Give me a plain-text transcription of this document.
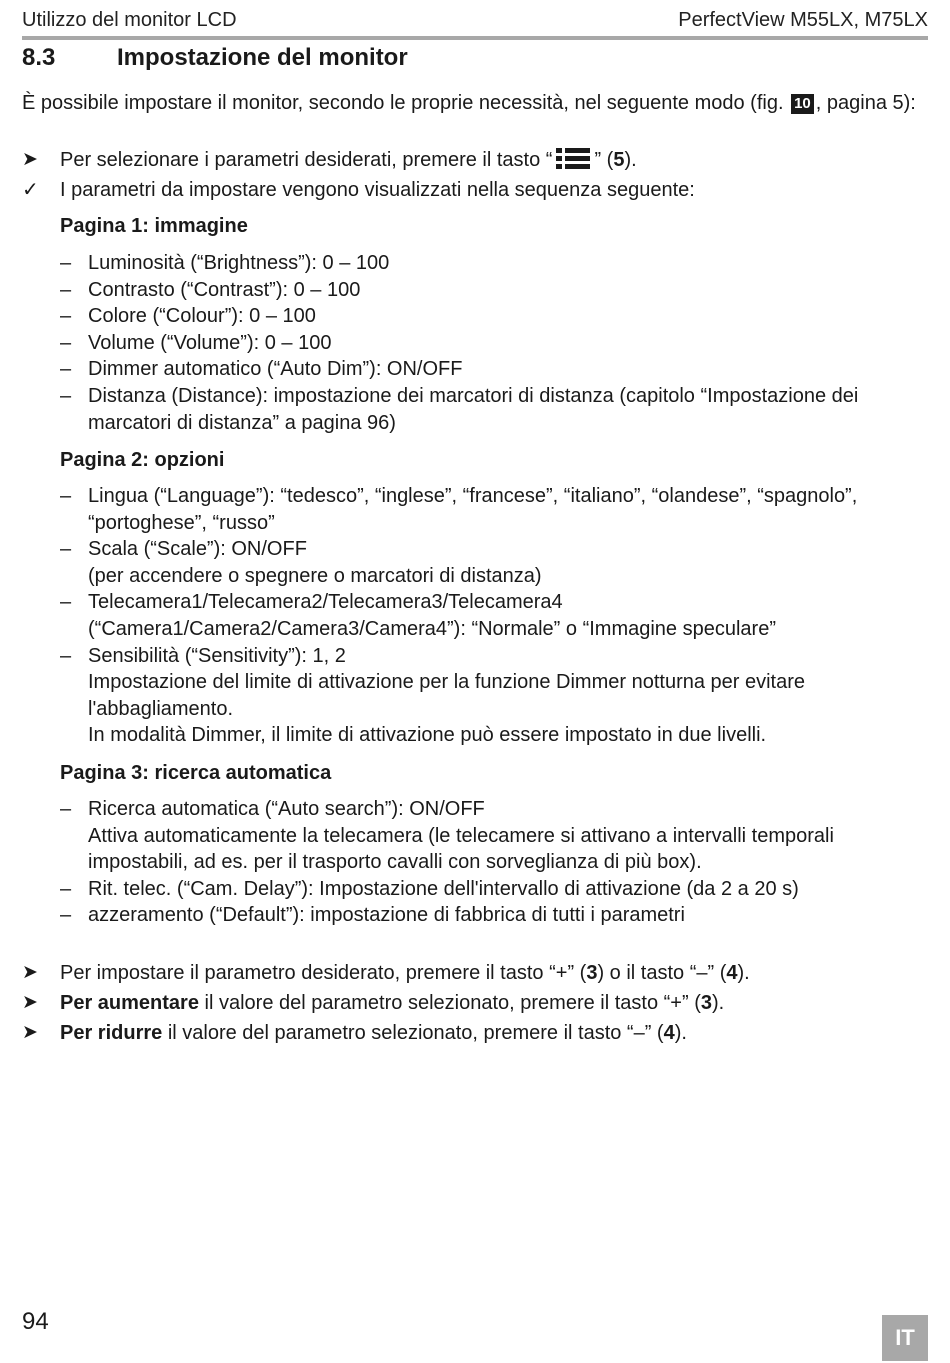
Utilizzo del monitor LCD	PerfectView M55LX, M75LX
8.3	Impostazione del monitor
È possibile impostare il monitor, secondo le proprie necessità, nel seguente modo (fig. 10 , pagina 5):
➤	Per selezionare i parametri desiderati, premere il tasto “ ” (5).
✓	I parametri da impostare vengono visualizzati nella sequenza seguente:
Pagina 1: immagine
– Luminosità (“Brightness”): 0 – 100
– Contrasto (“Contrast”): 0 – 100
– Colore (“Colour”): 0 – 100
– Volume (“Volume”): 0 – 100
– Dimmer automatico (“Auto Dim”): ON/OFF
– Distanza (Distance): impostazione dei marcatori di distanza (capitolo “Impostazione dei marcatori di distanza” a pagina 96)
Pagina 2: opzioni
– Lingua (“Language”): “tedesco”, “inglese”, “francese”, “italiano”, “olandese”, “spagnolo”, “portoghese”, “russo”
– Scala (“Scale”): ON/OFF
(per accendere o spegnere o marcatori di distanza)
– Telecamera1/Telecamera2/Telecamera3/Telecamera4
(“Camera1/Camera2/Camera3/Camera4”): “Normale” o “Immagine speculare”
– Sensibilità (“Sensitivity”): 1, 2
Impostazione del limite di attivazione per la funzione Dimmer notturna per evitare l'abbagliamento.
In modalità Dimmer, il limite di attivazione può essere impostato in due livelli.
Pagina 3: ricerca automatica
– Ricerca automatica (“Auto search”): ON/OFF
Attiva automaticamente la telecamera (le telecamere si attivano a intervalli temporali impostabili, ad es. per il trasporto cavalli con sorveglianza di più box).
– Rit. telec. (“Cam. Delay”): Impostazione dell'intervallo di attivazione (da 2 a 20 s)
– azzeramento (“Default”): impostazione di fabbrica di tutti i parametri
➤	Per impostare il parametro desiderato, premere il tasto “+” (3) o il tasto “–” (4).
➤	Per aumentare il valore del parametro selezionato, premere il tasto “+” (3).
➤	Per ridurre il valore del parametro selezionato, premere il tasto “–” (4).
94
IT
